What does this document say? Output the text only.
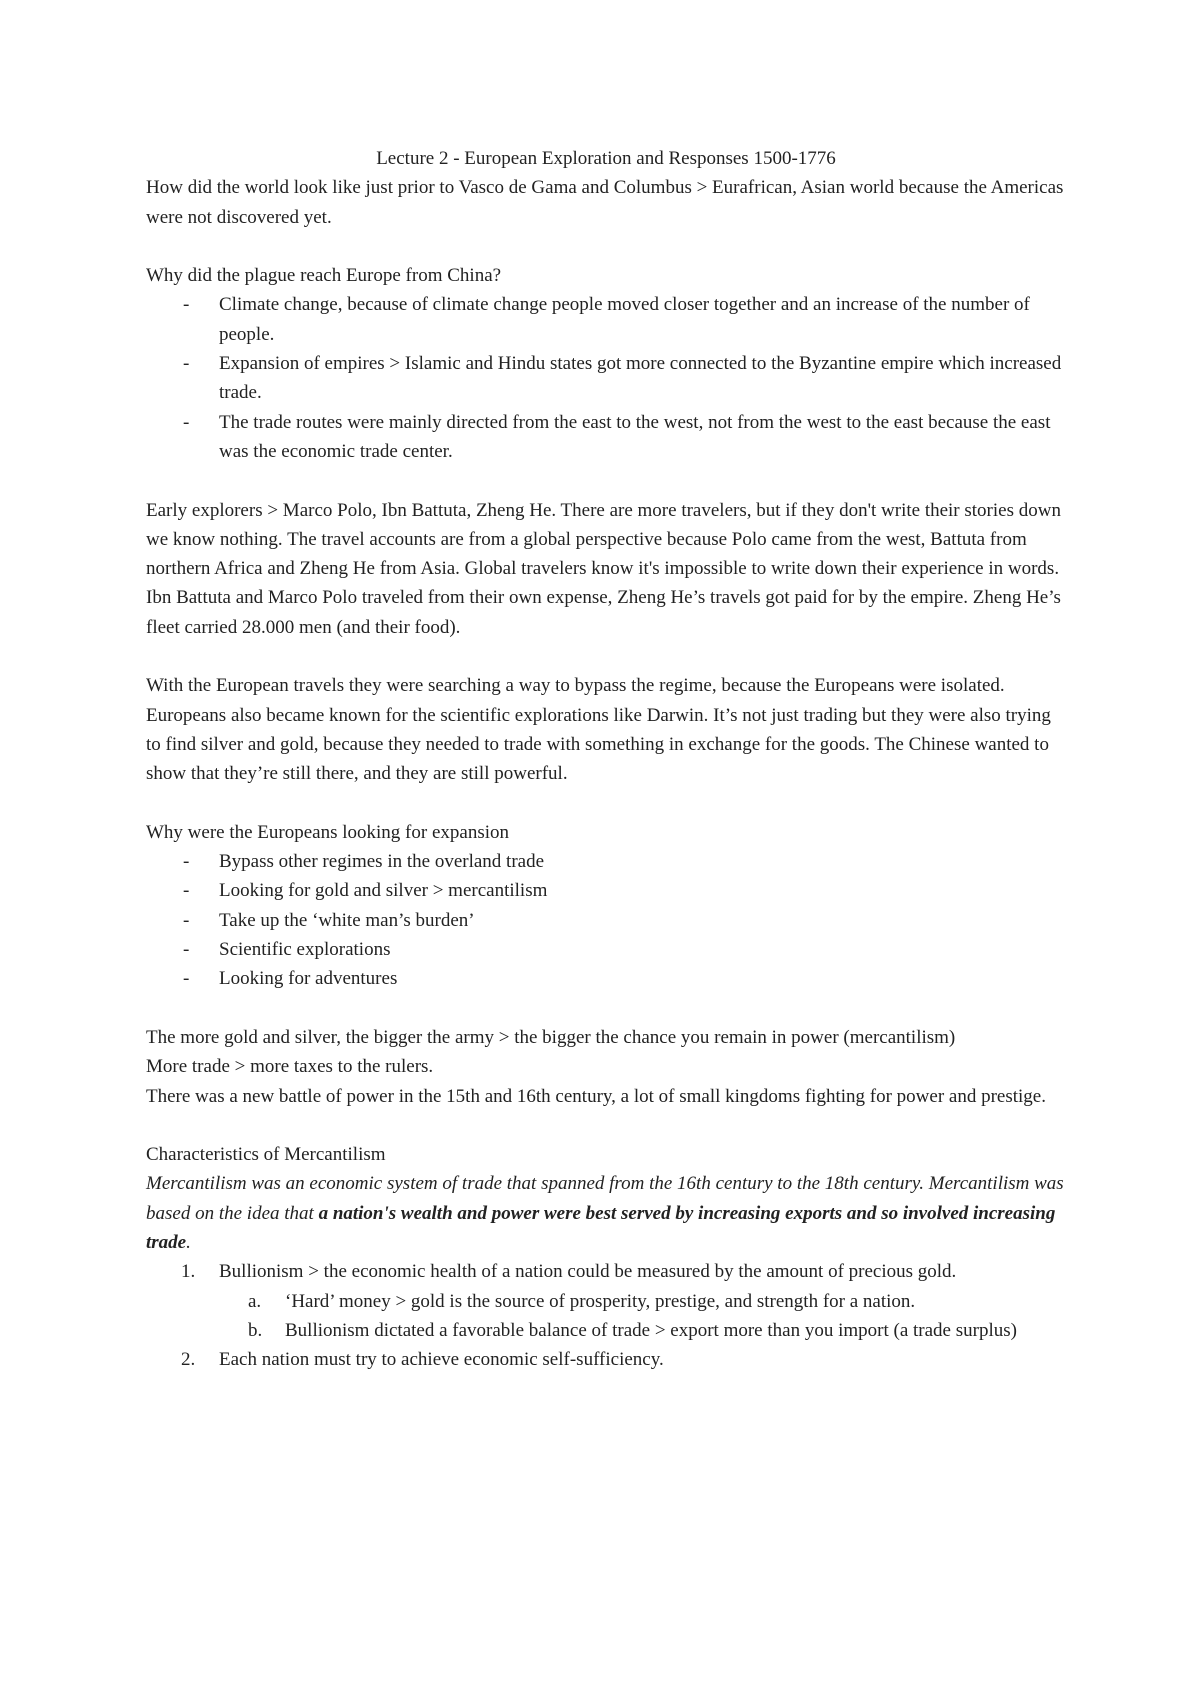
Lecture 2 - European Exploration and Responses 1500-1776

How did the world look like just prior to Vasco de Gama and Columbus > Eurafrican, Asian world because the Americas were not discovered yet.

Why did the plague reach Europe from China?

- Climate change, because of climate change people moved closer together and an increase of the number of people.
- Expansion of empires > Islamic and Hindu states got more connected to the Byzantine empire which increased trade.
- The trade routes were mainly directed from the east to the west, not from the west to the east because the east was the economic trade center.

Early explorers > Marco Polo, Ibn Battuta, Zheng He. There are more travelers, but if they don't write their stories down we know nothing. The travel accounts are from a global perspective because Polo came from the west, Battuta from northern Africa and Zheng He from Asia. Global travelers know it's impossible to write down their experience in words. Ibn Battuta and Marco Polo traveled from their own expense, Zheng He’s travels got paid for by the empire. Zheng He’s fleet carried 28.000 men (and their food).

With the European travels they were searching a way to bypass the regime, because the Europeans were isolated. Europeans also became known for the scientific explorations like Darwin. It’s not just trading but they were also trying to find silver and gold, because they needed to trade with something in exchange for the goods. The Chinese wanted to show that they’re still there, and they are still powerful.

Why were the Europeans looking for expansion

- Bypass other regimes in the overland trade
- Looking for gold and silver > mercantilism
- Take up the ‘white man’s burden’
- Scientific explorations
- Looking for adventures

The more gold and silver, the bigger the army > the bigger the chance you remain in power (mercantilism)

More trade > more taxes to the rulers.

There was a new battle of power in the 15th and 16th century, a lot of small kingdoms fighting for power and prestige.

Characteristics of Mercantilism

Mercantilism was an economic system of trade that spanned from the 16th century to the 18th century. Mercantilism was based on the idea that a nation's wealth and power were best served by increasing exports and so involved increasing trade.

1. Bullionism > the economic health of a nation could be measured by the amount of precious gold.
a. ‘Hard’ money > gold is the source of prosperity, prestige, and strength for a nation.
b. Bullionism dictated a favorable balance of trade > export more than you import (a trade surplus)
2. Each nation must try to achieve economic self-sufficiency.
